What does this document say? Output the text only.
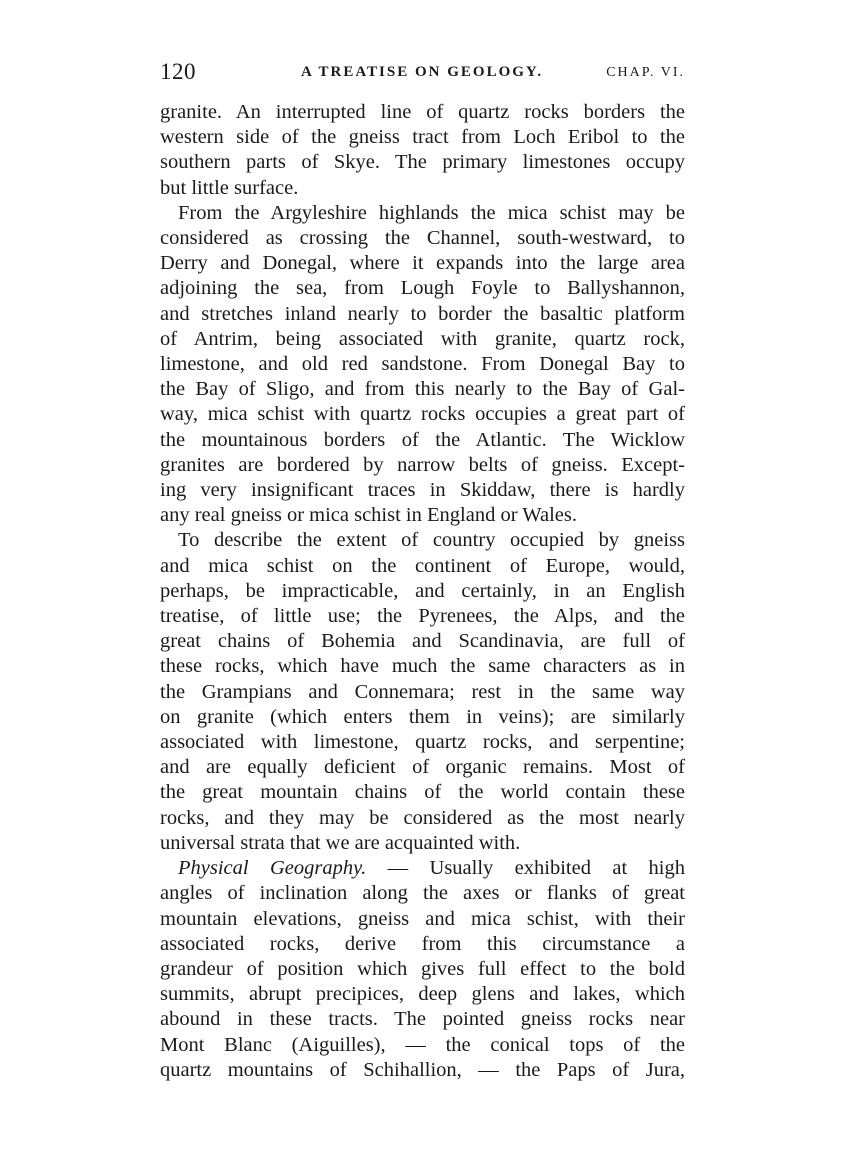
120	A TREATISE ON GEOLOGY.	CHAP. VI.
granite. An interrupted line of quartz rocks borders the
western side of the gneiss tract from Loch Eribol to the
southern parts of Skye. The primary limestones occupy
but little surface.
From the Argyleshire highlands the mica schist may be
considered as crossing the Channel, south-westward, to
Derry and Donegal, where it expands into the large area
adjoining the sea, from Lough Foyle to Ballyshannon,
and stretches inland nearly to border the basaltic platform
of Antrim, being associated with granite, quartz rock,
limestone, and old red sandstone. From Donegal Bay to
the Bay of Sligo, and from this nearly to the Bay of Gal-
way, mica schist with quartz rocks occupies a great part of
the mountainous borders of the Atlantic. The Wicklow
granites are bordered by narrow belts of gneiss. Except-
ing very insignificant traces in Skiddaw, there is hardly
any real gneiss or mica schist in England or Wales.
To describe the extent of country occupied by gneiss
and mica schist on the continent of Europe, would,
perhaps, be impracticable, and certainly, in an English
treatise, of little use; the Pyrenees, the Alps, and the
great chains of Bohemia and Scandinavia, are full of
these rocks, which have much the same characters as in
the Grampians and Connemara; rest in the same way
on granite (which enters them in veins); are similarly
associated with limestone, quartz rocks, and serpentine;
and are equally deficient of organic remains. Most of
the great mountain chains of the world contain these
rocks, and they may be considered as the most nearly
universal strata that we are acquainted with.
Physical Geography. — Usually exhibited at high
angles of inclination along the axes or flanks of great
mountain elevations, gneiss and mica schist, with their
associated rocks, derive from this circumstance a
grandeur of position which gives full effect to the bold
summits, abrupt precipices, deep glens and lakes, which
abound in these tracts. The pointed gneiss rocks near
Mont Blanc (Aiguilles), — the conical tops of the
quartz mountains of Schihallion, — the Paps of Jura,
